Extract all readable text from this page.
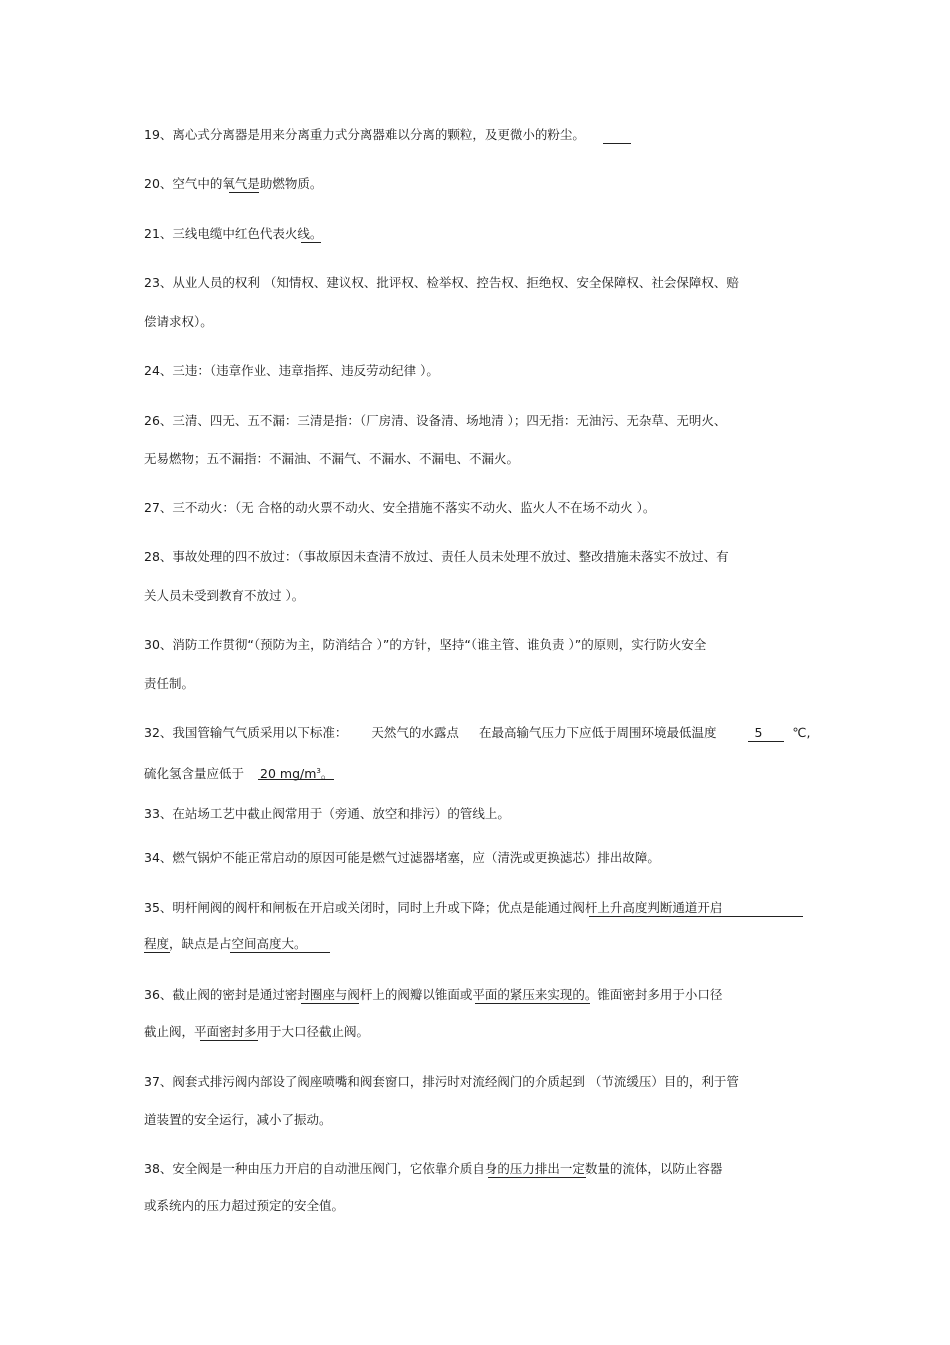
19、离心式分离器是用来分离重力式分离器难以分离的颗粒，及更微小的粉尘。
20、空气中的氧气是助燃物质。
21、三线电缆中红色代表火线。
23、从业人员的权利 （知情权、建议权、批评权、检举权、控告权、拒绝权、安全保障权、社会保障权、赔
偿请求权）。
24、三违：（违章作业、违章指挥、违反劳动纪律 ）。
26、三清、四无、五不漏：三清是指：（厂房清、设备清、场地清 ）；四无指：无油污、无杂草、无明火、
无易燃物；五不漏指：不漏油、不漏气、不漏水、不漏电、不漏火。
27、三不动火：（无 合格的动火票不动火、安全措施不落实不动火、监火人不在场不动火 ）。
28、事故处理的四不放过：（事故原因未查清不放过、责任人员未处理不放过、整改措施未落实不放过、有
关人员未受到教育不放过 ）。
30、消防工作贯彻“（预防为主，防消结合 ）”的方针，坚持“（谁主管、谁负责 ）”的原则，实行防火安全
责任制。
32、我国管输气气质采用以下标准： 天然气的水露点 在最高输气压力下应低于周围环境最低温度	5 ℃,
硫化氢含量应低于 20 $mg/m^3$。
33、在站场工艺中截止阀常用于（旁通、放空和排污）的管线上。
34、燃气锅炉不能正常启动的原因可能是燃气过滤器堵塞，应（清洗或更换滤芯）排出故障。
35、明杆闸阀的阀杆和闸板在开启或关闭时，同时上升或下降；优点是能通过阀杆上升高度判断通道开启
程度，缺点是占空间高度大。
36、截止阀的密封是通过密封圈座与阀杆上的阀瓣以锥面或平面的紧压来实现的。锥面密封多用于小口径
截止阀，平面密封多用于大口径截止阀。
37、阀套式排污阀内部设了阀座喷嘴和阀套窗口，排污时对流经阀门的介质起到 （节流缓压）目的，利于管
道装置的安全运行，减小了振动。
38、安全阀是一种由压力开启的自动泄压阀门，它依靠介质自身的压力排出一定数量的流体，以防止容器
或系统内的压力超过预定的安全值。
